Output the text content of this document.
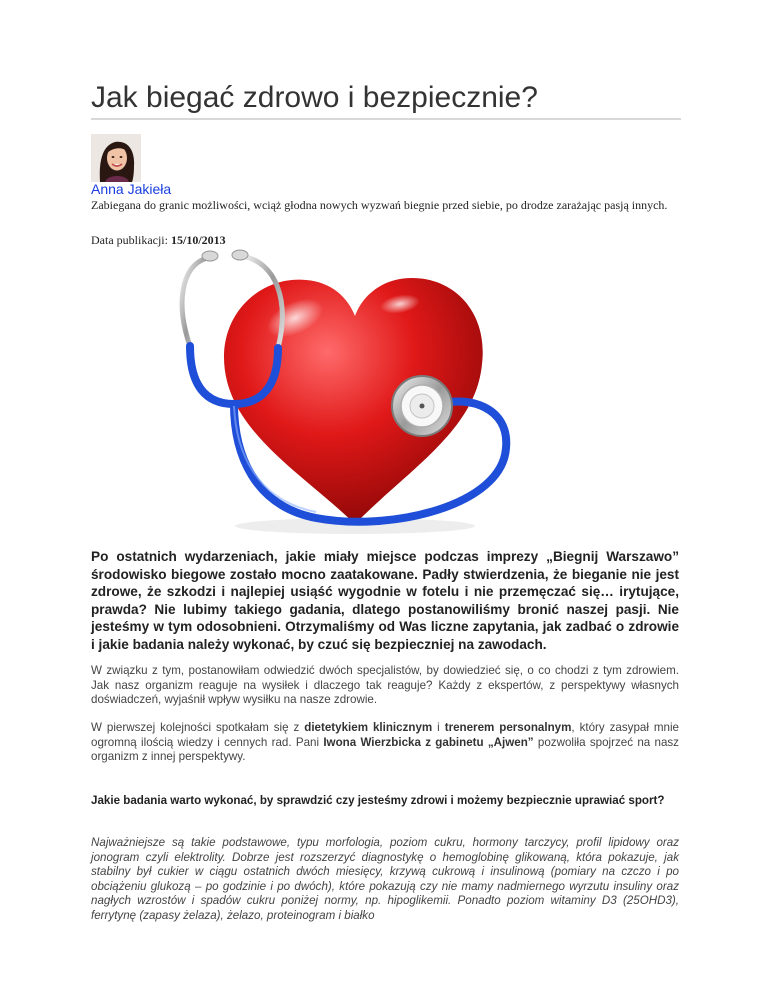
Jak biegać zdrowo i bezpiecznie?
Anna Jakieła
Zabiegana do granic możliwości, wciąż głodna nowych wyzwań biegnie przed siebie, po drodze zarażając pasją innych.
Data publikacji: 15/10/2013

Po ostatnich wydarzeniach, jakie miały miejsce podczas imprezy „Biegnij Warszawo” środowisko biegowe zostało mocno zaatakowane. Padły stwierdzenia, że bieganie nie jest zdrowe, że szkodzi i najlepiej usiąść wygodnie w fotelu i nie przemęczać się… irytujące, prawda? Nie lubimy takiego gadania, dlatego postanowiliśmy bronić naszej pasji. Nie jesteśmy w tym odosobnieni. Otrzymaliśmy od Was liczne zapytania, jak zadbać o zdrowie i jakie badania należy wykonać, by czuć się bezpieczniej na zawodach.

W związku z tym, postanowiłam odwiedzić dwóch specjalistów, by dowiedzieć się, o co chodzi z tym zdrowiem. Jak nasz organizm reaguje na wysiłek i dlaczego tak reaguje? Każdy z ekspertów, z perspektywy własnych doświadczeń, wyjaśnił wpływ wysiłku na nasze zdrowie.

W pierwszej kolejności spotkałam się z dietetykiem klinicznym i trenerem personalnym, który zasypał mnie ogromną ilością wiedzy i cennych rad. Pani Iwona Wierzbicka z gabinetu „Ajwen” pozwoliła spojrzeć na nasz organizm z innej perspektywy.

Jakie badania warto wykonać, by sprawdzić czy jesteśmy zdrowi i możemy bezpiecznie uprawiać sport?

Najważniejsze są takie podstawowe, typu morfologia, poziom cukru, hormony tarczycy, profil lipidowy oraz jonogram czyli elektrolity. Dobrze jest rozszerzyć diagnostykę o hemoglobinę glikowaną, która pokazuje, jak stabilny był cukier w ciągu ostatnich dwóch miesięcy, krzywą cukrową i insulinową (pomiary na czczo i po obciążeniu glukozą – po godzinie i po dwóch), które pokazują czy nie mamy nadmiernego wyrzutu insuliny oraz nagłych wzrostów i spadów cukru poniżej normy, np. hipoglikemii. Ponadto poziom witaminy D3 (25OHD3), ferrytynę (zapasy żelaza), żelazo, proteinogram i białko
